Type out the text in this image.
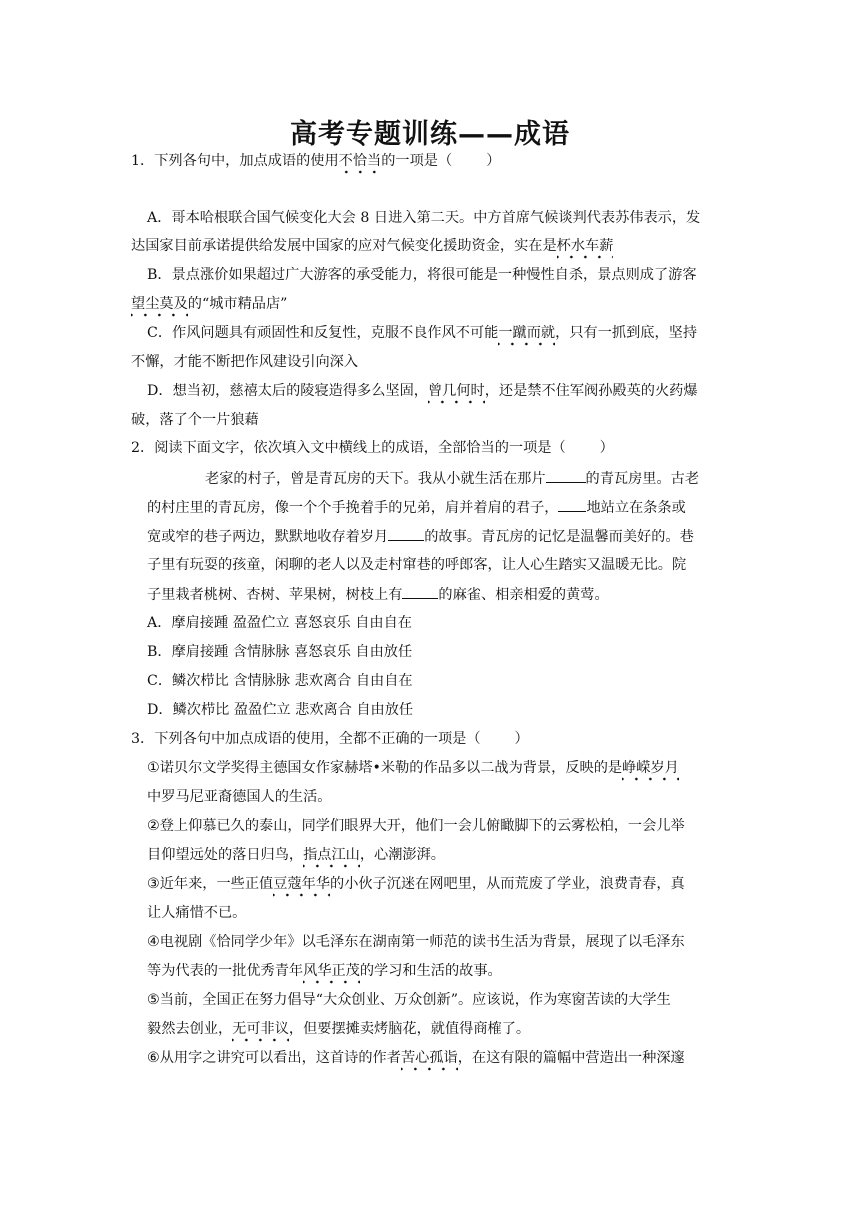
高考专题训练——成语
1．下列各句中，加点成语的使用不恰当的一项是（ ）
A．哥本哈根联合国气候变化大会 8 日进入第二天。中方首席气候谈判代表苏伟表示，发
达国家目前承诺提供给发展中国家的应对气候变化援助资金，实在是杯水车薪
B．景点涨价如果超过广大游客的承受能力，将很可能是一种慢性自杀，景点则成了游客
望尘莫及的“城市精品店”
C．作风问题具有顽固性和反复性，克服不良作风不可能一蹴而就，只有一抓到底，坚持
不懈，才能不断把作风建设引向深入
D．想当初，慈禧太后的陵寝造得多么坚固，曾几何时，还是禁不住军阀孙殿英的火药爆
破，落了个一片狼藉
2．阅读下面文字，依次填入文中横线上的成语，全部恰当的一项是（ ）
老家的村子，曾是青瓦房的天下。我从小就生活在那片	的青瓦房里。古老
的村庄里的青瓦房，像一个个手挽着手的兄弟，肩并着肩的君子， 地站立在条条或
宽或窄的巷子两边，默默地收存着岁月	的故事。青瓦房的记忆是温馨而美好的。巷
子里有玩耍的孩童，闲聊的老人以及走村窜巷的呼郎客，让人心生踏实又温暖无比。院
子里栽者桃树、杏树、苹果树，树枝上有	的麻雀、相亲相爱的黄莺。
A．摩肩接踵 盈盈伫立 喜怒哀乐 自由自在
B．摩肩接踵 含情脉脉 喜怒哀乐 自由放任
C．鳞次栉比 含情脉脉 悲欢离合 自由自在
D．鳞次栉比 盈盈伫立 悲欢离合 自由放任
3．下列各句中加点成语的使用，全都不正确的一项是（ ）
①诺贝尔文学奖得主德国女作家赫塔•米勒的作品多以二战为背景，反映的是峥嵘岁月
中罗马尼亚裔德国人的生活。
②登上仰慕已久的泰山，同学们眼界大开，他们一会儿俯瞰脚下的云雾松柏，一会儿举
目仰望远处的落日归鸟，指点江山，心潮澎湃。
③近年来，一些正值豆蔻年华的小伙子沉迷在网吧里，从而荒废了学业，浪费青春，真
让人痛惜不已。
④电视剧《恰同学少年》以毛泽东在湖南第一师范的读书生活为背景，展现了以毛泽东
等为代表的一批优秀青年风华正茂的学习和生活的故事。
⑤当前，全国正在努力倡导“大众创业、万众创新”。应该说，作为寒窗苦读的大学生
毅然去创业，无可非议，但要摆摊卖烤脑花，就值得商榷了。
⑥从用字之讲究可以看出，这首诗的作者苦心孤诣，在这有限的篇幅中营造出一种深邃
